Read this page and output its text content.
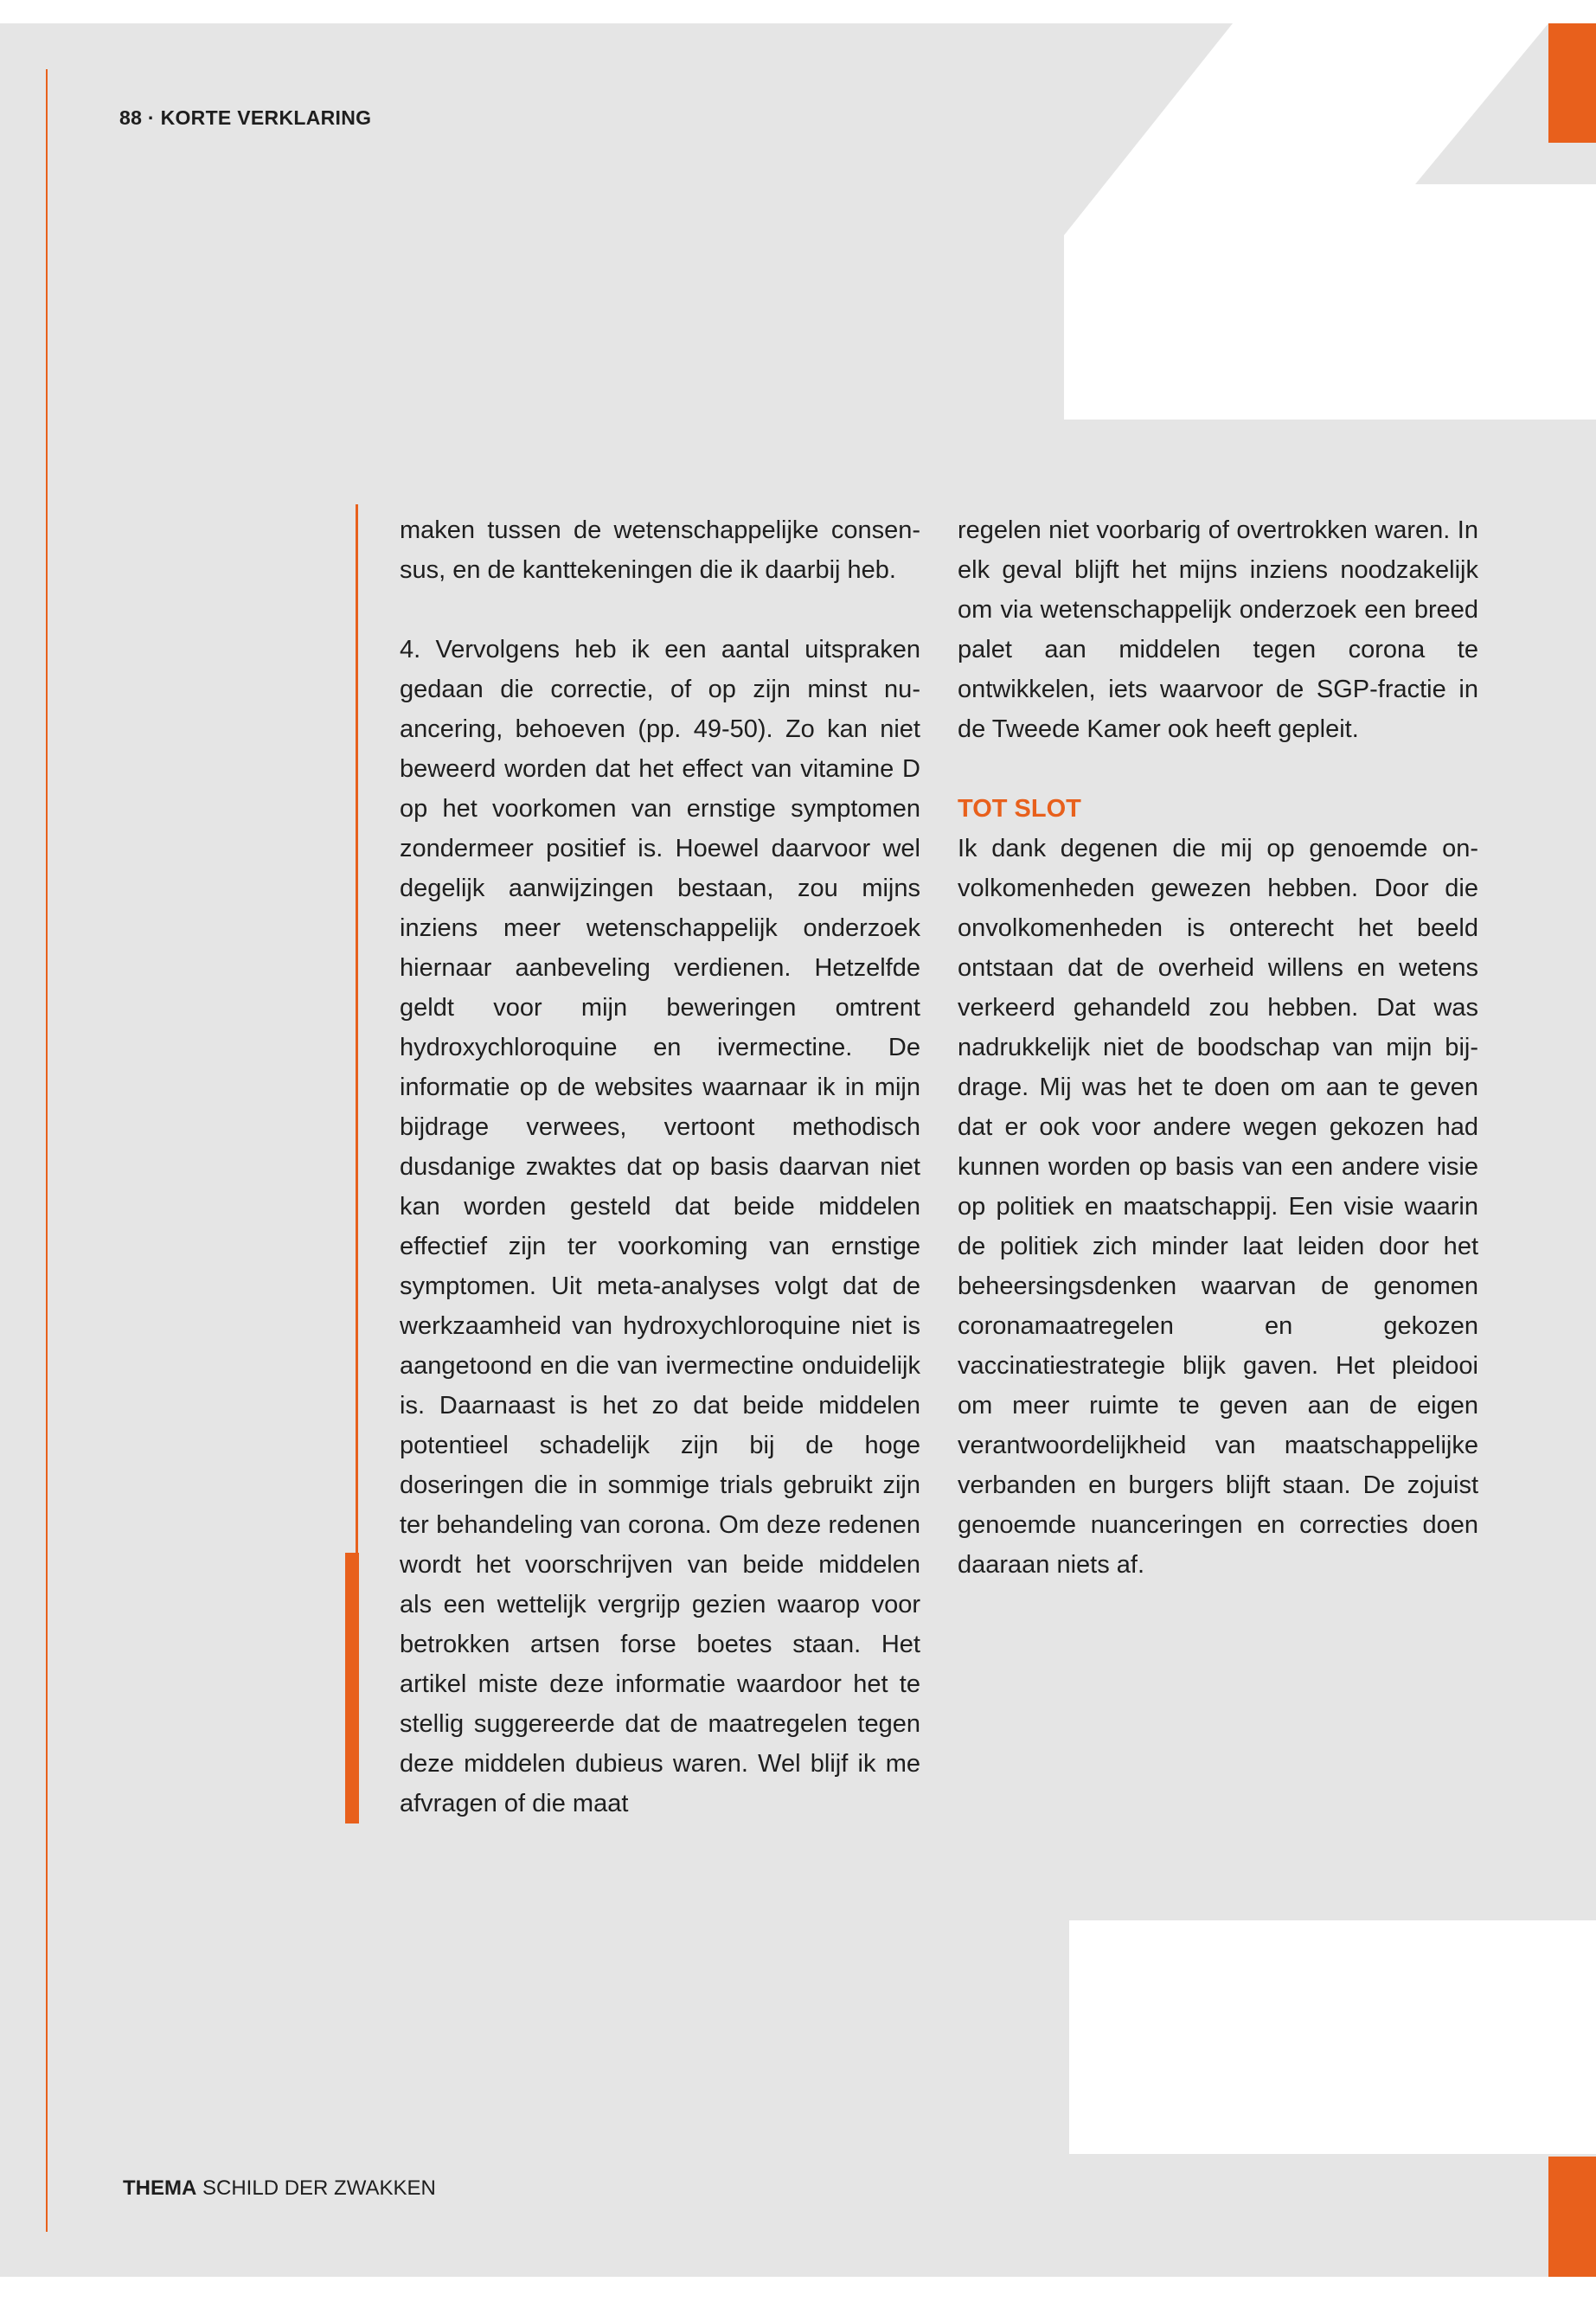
88 · KORTE VERKLARING

maken tussen de wetenschappelijke consensus, en de kanttekeningen die ik daarbij heb.

4. Vervolgens heb ik een aantal uitspraken gedaan die correctie, of op zijn minst nuancering, behoeven (pp. 49-50). Zo kan niet beweerd worden dat het effect van vitamine D op het voorkomen van ernstige symptomen zondermeer positief is. Hoewel daarvoor wel degelijk aanwijzingen bestaan, zou mijns inziens meer wetenschappelijk onderzoek hiernaar aanbeveling verdienen. Hetzelfde geldt voor mijn beweringen omtrent hydroxychloroquine en ivermectine. De informatie op de websites waarnaar ik in mijn bijdrage verwees, vertoont methodisch dusdanige zwaktes dat op basis daarvan niet kan worden gesteld dat beide middelen effectief zijn ter voorkoming van ernstige symptomen. Uit meta-analyses volgt dat de werkzaamheid van hydroxychloroquine niet is aangetoond en die van ivermectine onduidelijk is. Daarnaast is het zo dat beide middelen potentieel schadelijk zijn bij de hoge doseringen die in sommige trials gebruikt zijn ter behandeling van corona. Om deze redenen wordt het voorschrijven van beide middelen als een wettelijk vergrijp gezien waarop voor betrokken artsen forse boetes staan. Het artikel miste deze informatie waardoor het te stellig suggereerde dat de maatregelen tegen deze middelen dubieus waren. Wel blijf ik me afvragen of die maat

regelen niet voorbarig of overtrokken waren. In elk geval blijft het mijns inziens noodzakelijk om via wetenschappelijk onderzoek een breed palet aan middelen tegen corona te ontwikkelen, iets waarvoor de SGP-fractie in de Tweede Kamer ook heeft gepleit.

TOT SLOT

Ik dank degenen die mij op genoemde onvolkomenheden gewezen hebben. Door die onvolkomenheden is onterecht het beeld ontstaan dat de overheid willens en wetens verkeerd gehandeld zou hebben. Dat was nadrukkelijk niet de boodschap van mijn bijdrage. Mij was het te doen om aan te geven dat er ook voor andere wegen gekozen had kunnen worden op basis van een andere visie op politiek en maatschappij. Een visie waarin de politiek zich minder laat leiden door het beheersingsdenken waarvan de genomen coronamaatregelen en gekozen vaccinatiestrategie blijk gaven. Het pleidooi om meer ruimte te geven aan de eigen verantwoordelijkheid van maatschappelijke verbanden en burgers blijft staan. De zojuist genoemde nuanceringen en correcties doen daaraan niets af.

THEMA SCHILD DER ZWAKKEN
